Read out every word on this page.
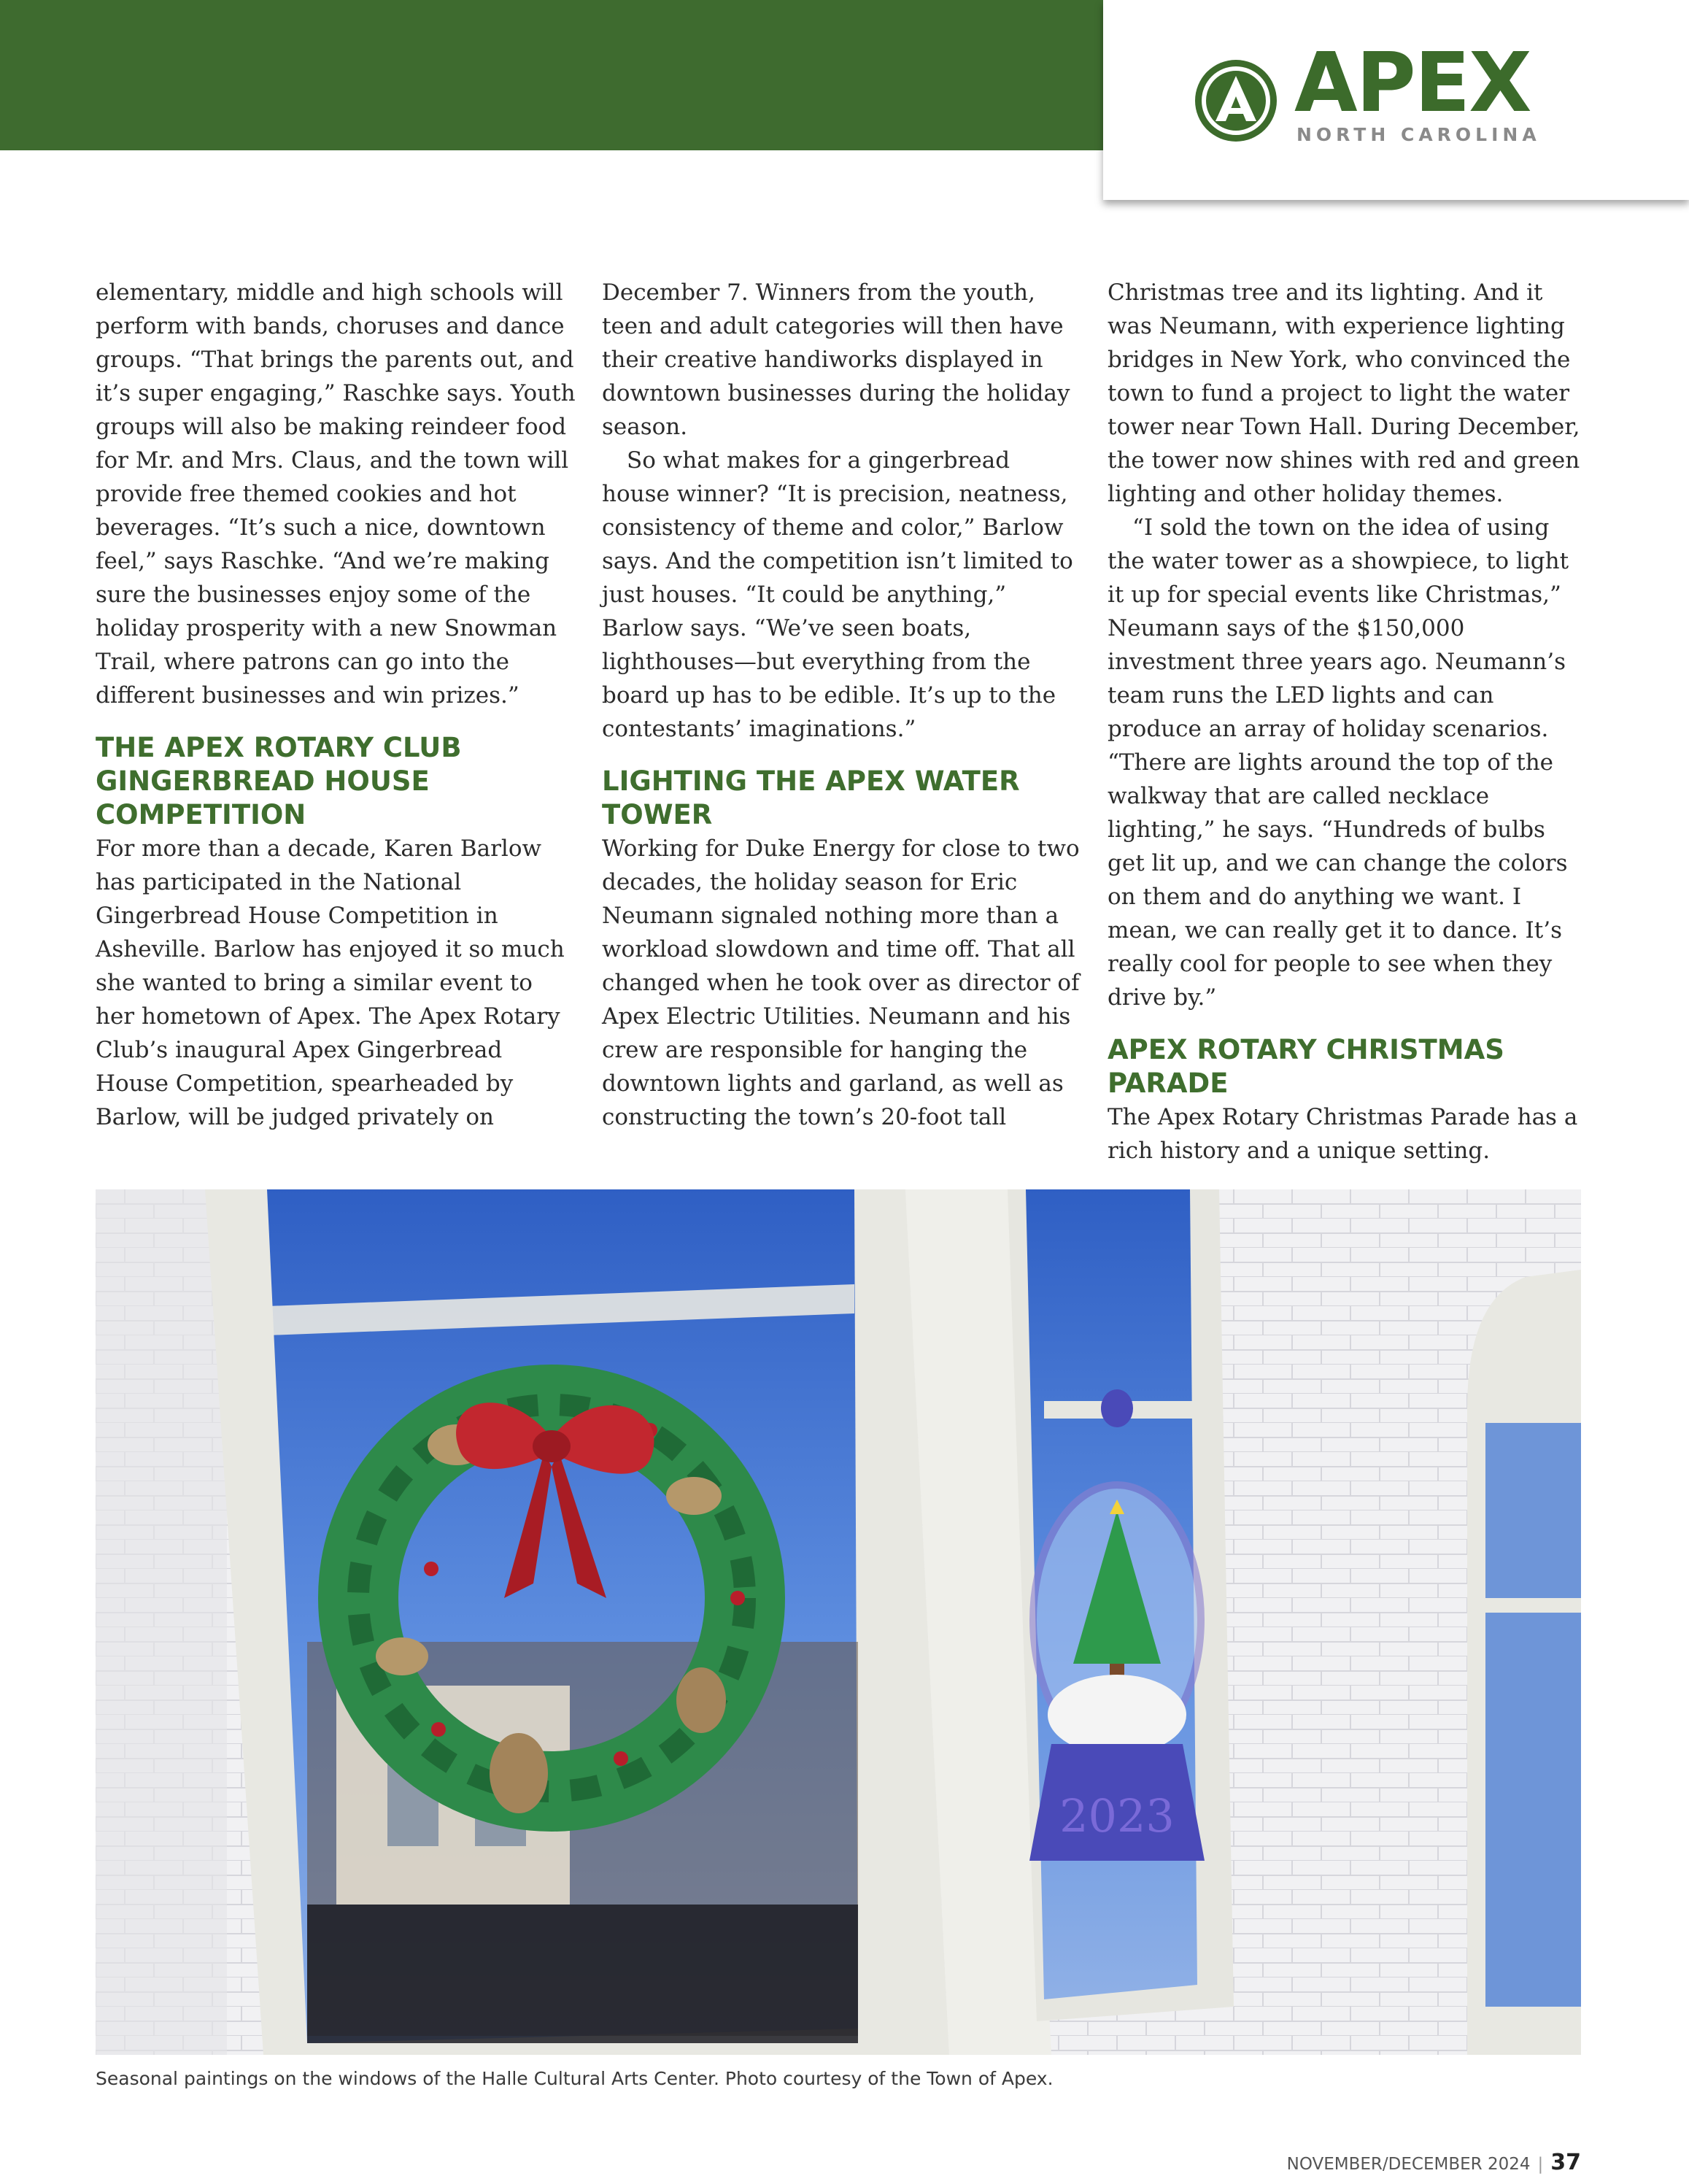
APEX
NORTH CAROLINA

elementary, middle and high schools will perform with bands, choruses and dance groups. “That brings the parents out, and it’s super engaging,” Raschke says. Youth groups will also be making reindeer food for Mr. and Mrs. Claus, and the town will provide free themed cookies and hot beverages. “It’s such a nice, downtown feel,” says Raschke. “And we’re making sure the businesses enjoy some of the holiday prosperity with a new Snowman Trail, where patrons can go into the different businesses and win prizes.”

THE APEX ROTARY CLUB GINGERBREAD HOUSE COMPETITION

For more than a decade, Karen Barlow has participated in the National Gingerbread House Competition in Asheville. Barlow has enjoyed it so much she wanted to bring a similar event to her hometown of Apex. The Apex Rotary Club’s inaugural Apex Gingerbread House Competition, spearheaded by Barlow, will be judged privately on

December 7. Winners from the youth, teen and adult categories will then have their creative handiworks displayed in downtown businesses during the holiday season.

So what makes for a gingerbread house winner? “It is precision, neatness, consistency of theme and color,” Barlow says. And the competition isn’t limited to just houses. “It could be anything,” Barlow says. “We’ve seen boats, lighthouses—but everything from the board up has to be edible. It’s up to the contestants’ imaginations.”

LIGHTING THE APEX WATER TOWER

Working for Duke Energy for close to two decades, the holiday season for Eric Neumann signaled nothing more than a workload slowdown and time off. That all changed when he took over as director of Apex Electric Utilities. Neumann and his crew are responsible for hanging the downtown lights and garland, as well as constructing the town’s 20-foot tall

Christmas tree and its lighting. And it was Neumann, with experience lighting bridges in New York, who convinced the town to fund a project to light the water tower near Town Hall. During December, the tower now shines with red and green lighting and other holiday themes.

“I sold the town on the idea of using the water tower as a showpiece, to light it up for special events like Christmas,” Neumann says of the $150,000 investment three years ago. Neumann’s team runs the LED lights and can produce an array of holiday scenarios. “There are lights around the top of the walkway that are called necklace lighting,” he says. “Hundreds of bulbs get lit up, and we can change the colors on them and do anything we want. I mean, we can really get it to dance. It’s really cool for people to see when they drive by.”

APEX ROTARY CHRISTMAS PARADE

The Apex Rotary Christmas Parade has a rich history and a unique setting.

2023
Seasonal paintings on the windows of the Halle Cultural Arts Center. Photo courtesy of the Town of Apex.
NOVEMBER/DECEMBER 2024 | 37
